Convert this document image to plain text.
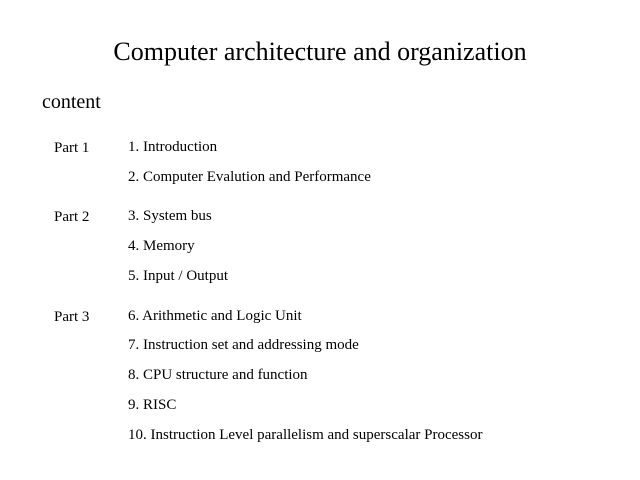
Computer architecture and organization
content
Part 1	1. Introduction
2. Computer Evalution and Performance
Part 2	3. System bus
4. Memory
5. Input / Output
Part 3	6. Arithmetic and Logic Unit
7. Instruction set and addressing mode
8. CPU structure and function
9. RISC
10. Instruction Level parallelism and superscalar Processor
